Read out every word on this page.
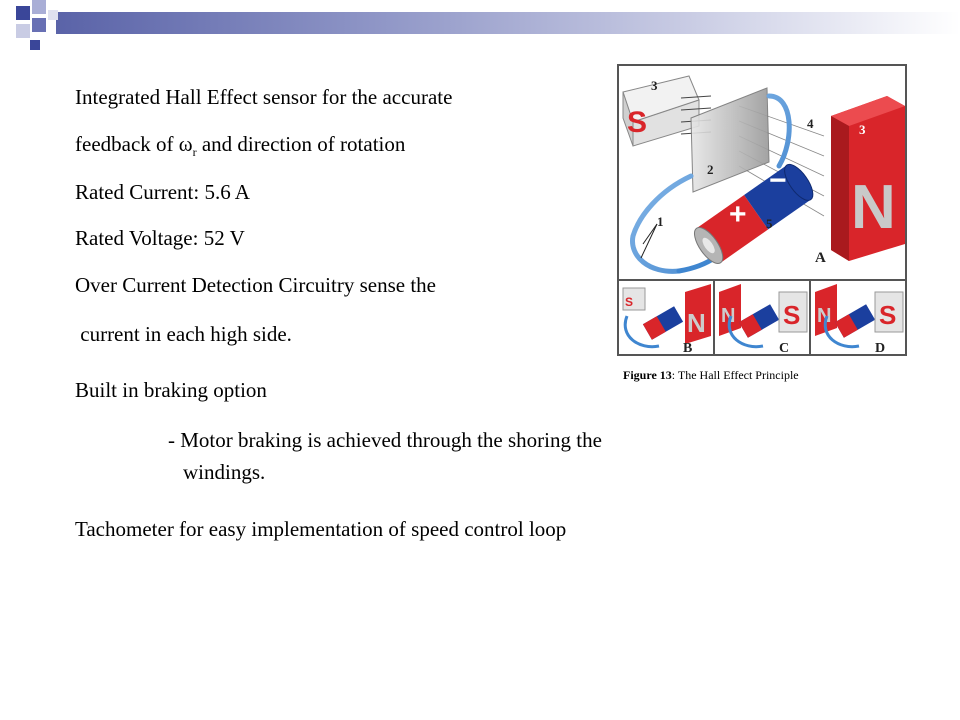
Integrated Hall Effect sensor for the accurate
feedback of $\omega_r$ and direction of rotation
Rated Current: 5.6 A
Rated Voltage: 52 V
Over Current Detection Circuitry sense the
current in each high side.
Built in braking option
- Motor braking is achieved through the shoring the
windings.
Tachometer for easy implementation of speed control loop
S
3
2
4
1 +
−
5 N
3
A
S
N
B
N S
C
N S
D
Figure 13: The Hall Effect Principle
